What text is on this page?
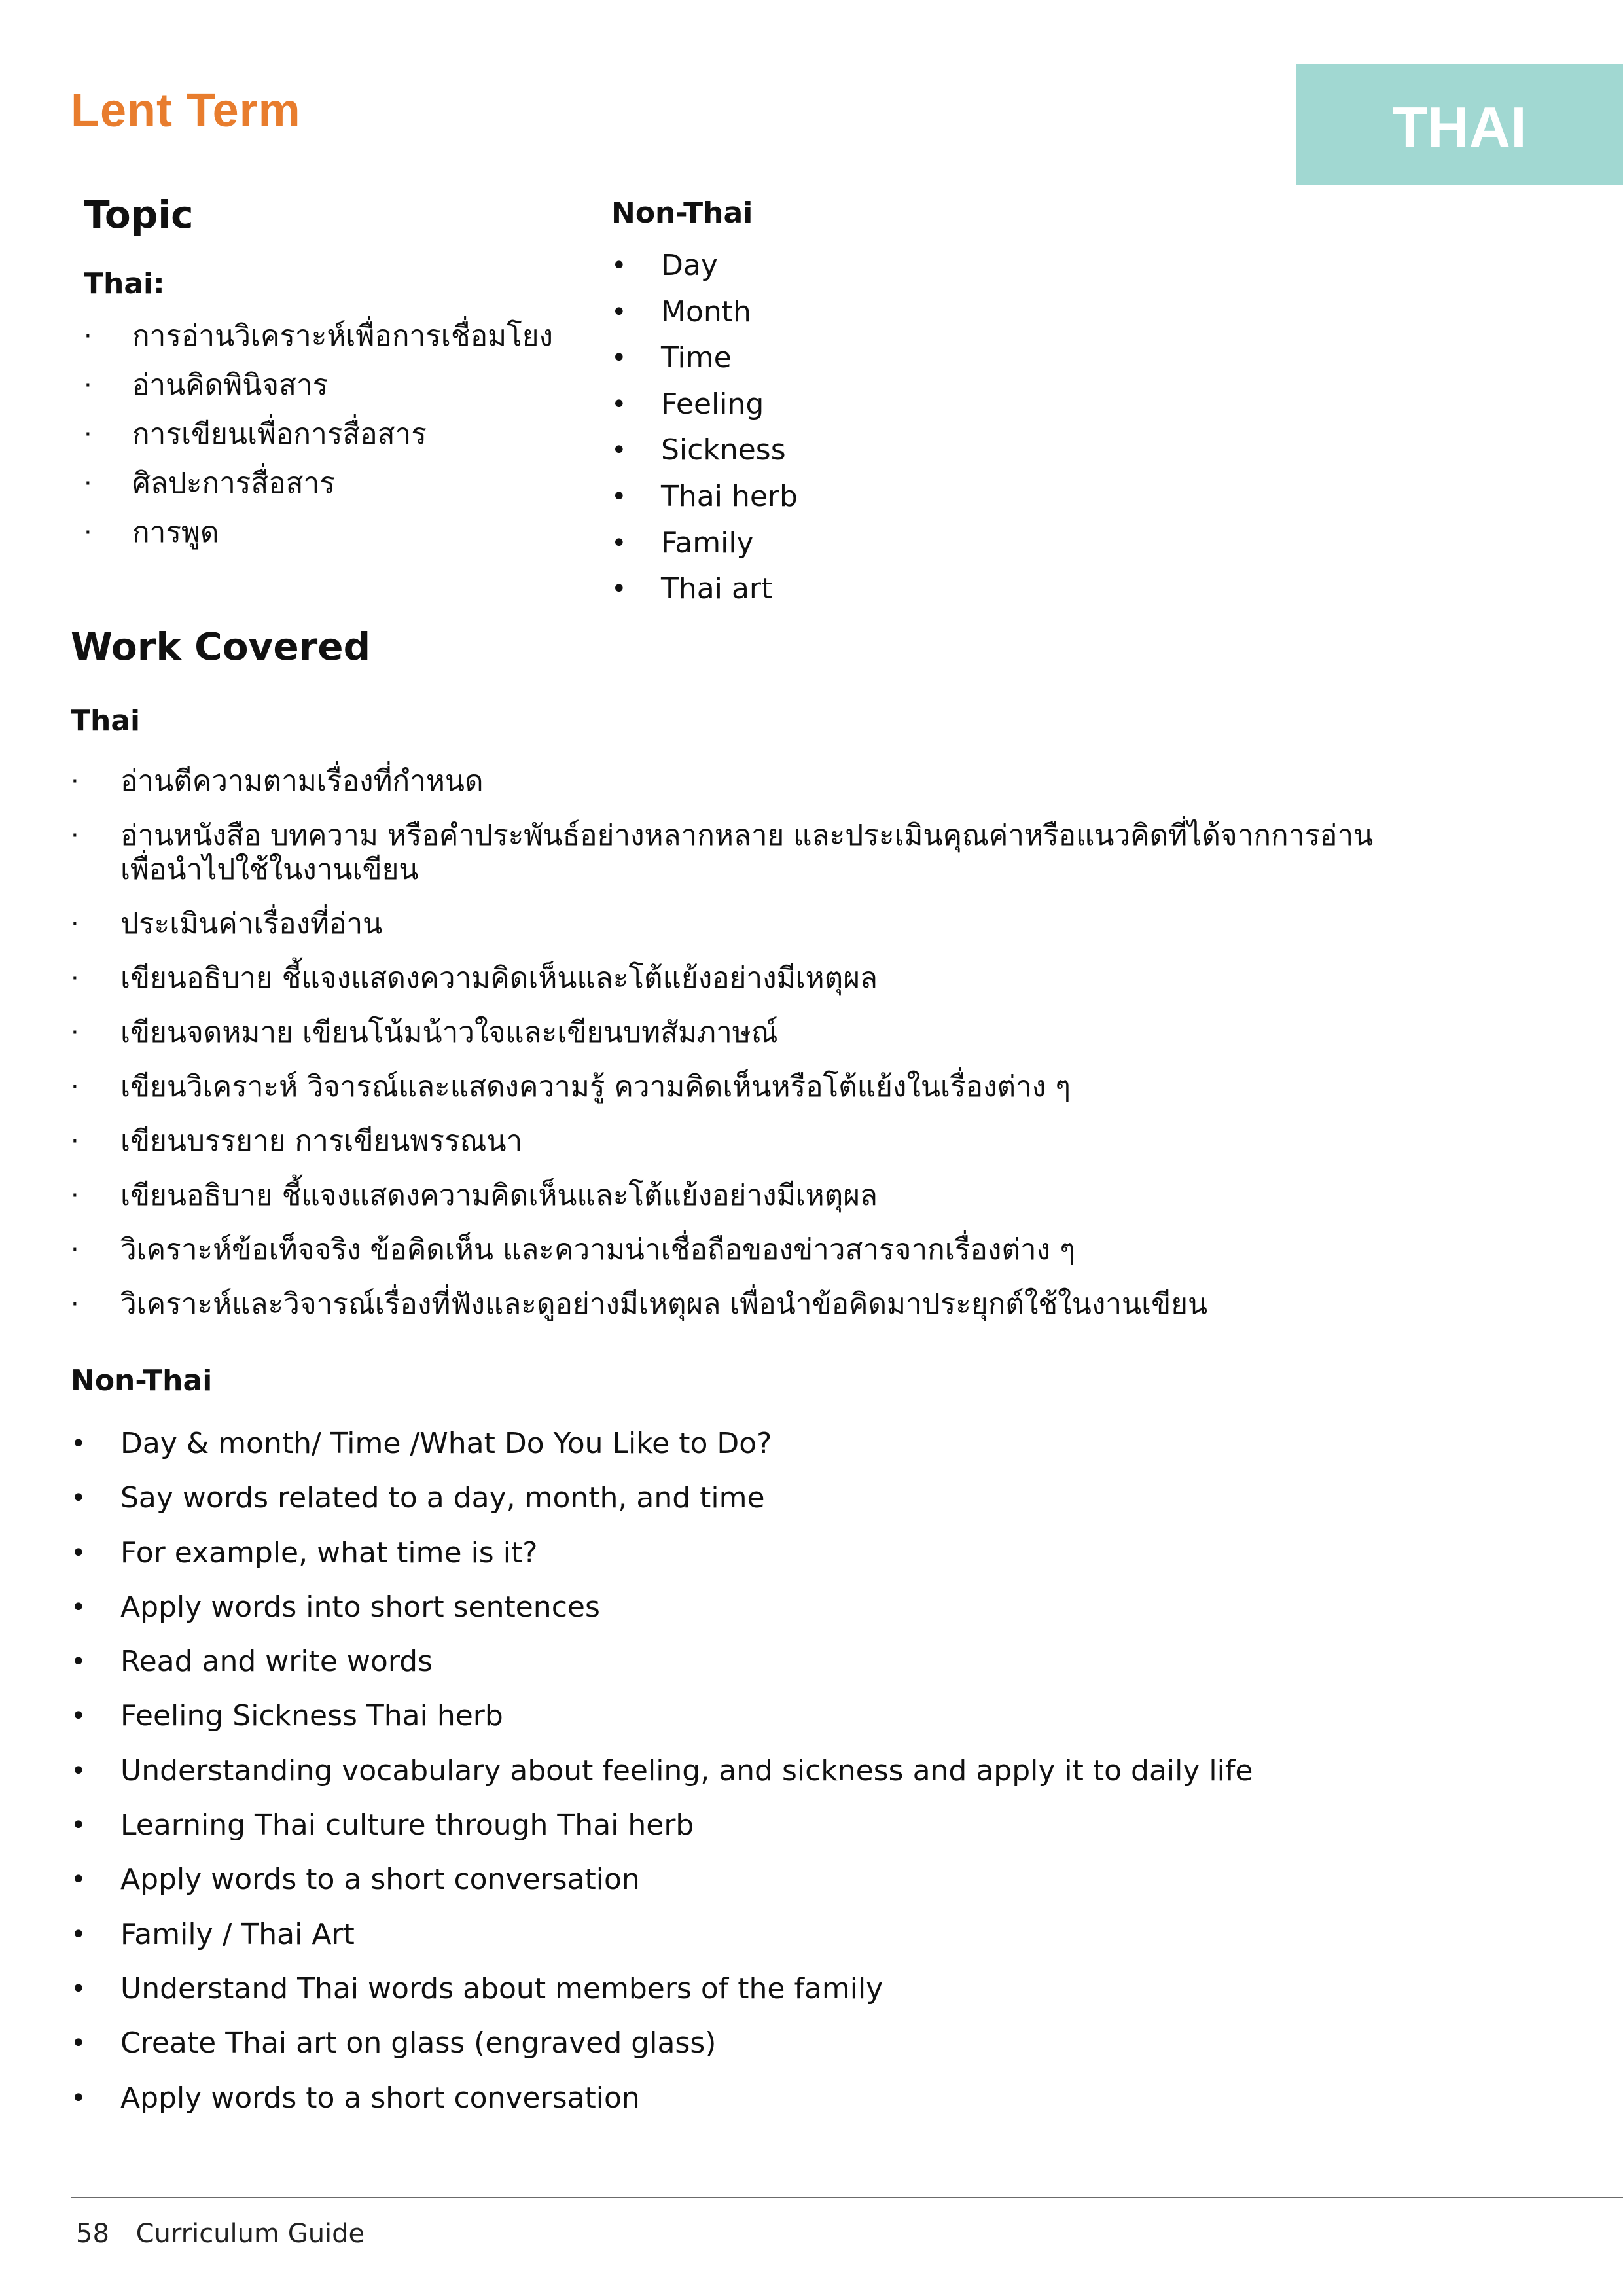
Lent Term	THAI
Topic
Thai:
· การอ่านวิเคราะห์เพื่อการเชื่อมโยง
· อ่านคิดพินิจสาร
· การเขียนเพื่อการสื่อสาร
· ศิลปะการสื่อสาร
· การพูด
Non-Thai
• Day
• Month
• Time
• Feeling
• Sickness
• Thai herb
• Family
• Thai art
Work Covered
Thai
· อ่านตีความตามเรื่องที่กำหนด
· อ่านหนังสือ บทความ หรือคำประพันธ์อย่างหลากหลาย และประเมินคุณค่าหรือแนวคิดที่ได้จากการอ่าน เพื่อนำไปใช้ในงานเขียน
· ประเมินค่าเรื่องที่อ่าน
· เขียนอธิบาย ชี้แจงแสดงความคิดเห็นและโต้แย้งอย่างมีเหตุผล
· เขียนจดหมาย เขียนโน้มน้าวใจและเขียนบทสัมภาษณ์
· เขียนวิเคราะห์ วิจารณ์และแสดงความรู้ ความคิดเห็นหรือโต้แย้งในเรื่องต่าง ๆ
· เขียนบรรยาย การเขียนพรรณนา
· เขียนอธิบาย ชี้แจงแสดงความคิดเห็นและโต้แย้งอย่างมีเหตุผล
· วิเคราะห์ข้อเท็จจริง ข้อคิดเห็น และความน่าเชื่อถือของข่าวสารจากเรื่องต่าง ๆ
· วิเคราะห์และวิจารณ์เรื่องที่ฟังและดูอย่างมีเหตุผล เพื่อนำข้อคิดมาประยุกต์ใช้ในงานเขียน
Non-Thai
• Day & month/ Time /What Do You Like to Do?
• Say words related to a day, month, and time
• For example, what time is it?
• Apply words into short sentences
• Read and write words
• Feeling Sickness Thai herb
• Understanding vocabulary about feeling, and sickness and apply it to daily life
• Learning Thai culture through Thai herb
• Apply words to a short conversation
• Family / Thai Art
• Understand Thai words about members of the family
• Create Thai art on glass (engraved glass)
• Apply words to a short conversation
58 Curriculum Guide
